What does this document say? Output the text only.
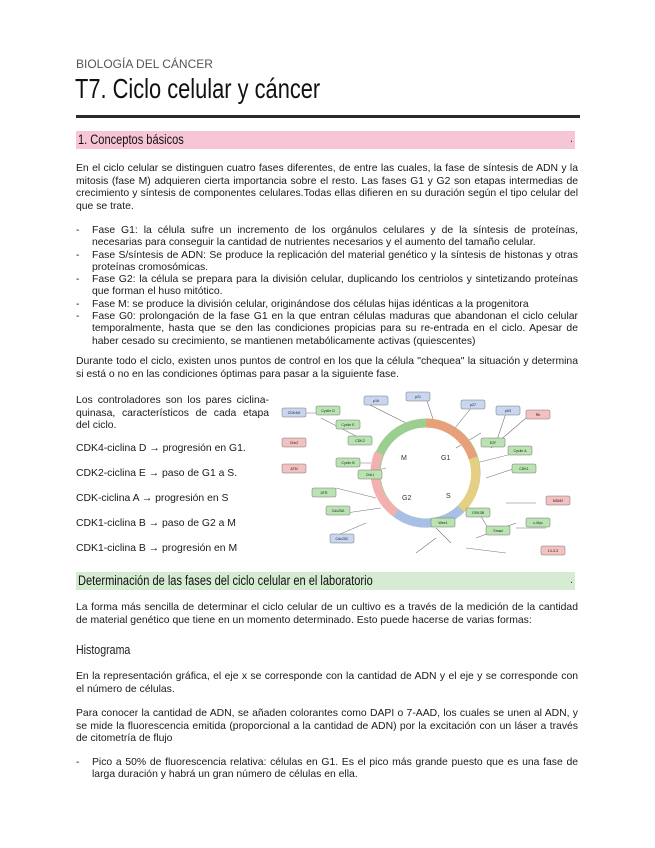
BIOLOGÍA DEL CÁNCER
T7. Ciclo celular y cáncer
1. Conceptos básicos	.
En el ciclo celular se distinguen cuatro fases diferentes, de entre las cuales, la fase de síntesis de ADN y la mitosis (fase M) adquieren cierta importancia sobre el resto. Las fases G1 y G2 son etapas intermedias de crecimiento y síntesis de componentes celulares.Todas ellas difieren en su duración según el tipo celular del que se trate.
- Fase G1: la célula sufre un incremento de los orgánulos celulares y de la síntesis de proteínas, necesarias para conseguir la cantidad de nutrientes necesarios y el aumento del tamaño celular.
- Fase S/síntesis de ADN: Se produce la replicación del material genético y la síntesis de histonas y otras proteínas cromosómicas.
- Fase G2: la célula se prepara para la división celular, duplicando los centriolos y sintetizando proteínas que forman el huso mitótico.
- Fase M: se produce la división celular, originándose dos células hijas idénticas a la progenitora
- Fase G0: prolongación de la fase G1 en la que entran células maduras que abandonan el ciclo celular temporalmente, hasta que se den las condiciones propicias para su re-entrada en el ciclo. Apesar de haber cesado su crecimiento, se mantienen metabólicamente activas (quiescentes)
Durante todo el ciclo, existen unos puntos de control en los que la célula "chequea" la situación y determina si está o no en las condiciones óptimas para pasar a la siguiente fase.
Los controladores son los pares ciclina-quinasa, característicos de cada etapa del ciclo.
CDK4-ciclina D → progresión en G1.
CDK2-ciclina E → paso de G1 a S.
CDK-ciclina A → progresión en S
CDK1-ciclina B → paso de G2 a M
CDK1-ciclina B → progresión en M
G1
S
G2
M
CDK4/6	Cyclin D
Cyclin E
CDK2
p16
p21
p27
p53
Rb
E2F
Cyclin A
CDK1
Cyclin B
Chk1
Chk2
ATM
ATR
Cdc25A
Cdc25C
Wee1
GSK3B
Smad
c-Myc
MDM2
14-3-3
Determinación de las fases del ciclo celular en el laboratorio	.
La forma más sencilla de determinar el ciclo celular de un cultivo es a través de la medición de la cantidad de material genético que tiene en un momento determinado. Esto puede hacerse de varias formas:
Histograma
En la representación gráfica, el eje x se corresponde con la cantidad de ADN y el eje y se corresponde con el número de células.
Para conocer la cantidad de ADN, se añaden colorantes como DAPI o 7-AAD, los cuales se unen al ADN, y se mide la fluorescencia emitida (proporcional a la cantidad de ADN) por la excitación con un láser a través de citometría de flujo
- Pico a 50% de fluorescencia relativa: células en G1. Es el pico más grande puesto que es una fase de larga duración y habrá un gran número de células en ella.
